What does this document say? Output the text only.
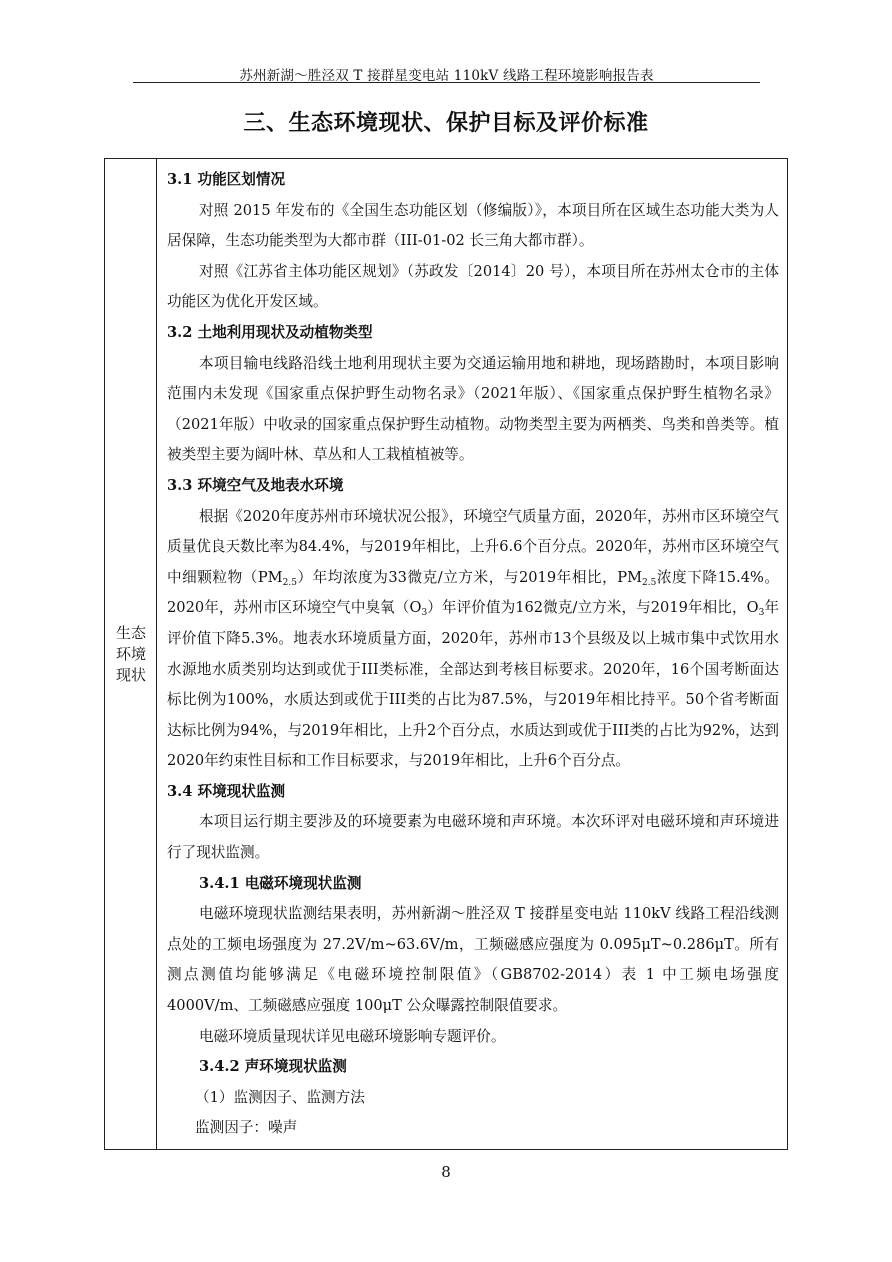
苏州新湖～胜泾双 T 接群星变电站 110kV 线路工程环境影响报告表
三、生态环境现状、保护目标及评价标准
生态
环境
现状

3.1 功能区划情况

对照 2015 年发布的《全国生态功能区划（修编版）》，本项目所在区域生态功能大类为人居保障，生态功能类型为大都市群（III-01-02 长三角大都市群）。

对照《江苏省主体功能区规划》（苏政发〔2014〕20 号），本项目所在苏州太仓市的主体功能区为优化开发区域。

3.2 土地利用现状及动植物类型

本项目输电线路沿线土地利用现状主要为交通运输用地和耕地，现场踏勘时，本项目影响范围内未发现《国家重点保护野生动物名录》（2021年版）、《国家重点保护野生植物名录》（2021年版）中收录的国家重点保护野生动植物。动物类型主要为两栖类、鸟类和兽类等。植被类型主要为阔叶林、草丛和人工栽植植被等。

3.3 环境空气及地表水环境

根据《2020年度苏州市环境状况公报》，环境空气质量方面，2020年，苏州市区环境空气质量优良天数比率为84.4%，与2019年相比，上升6.6个百分点。2020年，苏州市区环境空气中细颗粒物$(PM_{2.5})$年均浓度为33微克/立方米，与2019年相比，$PM_{2.5}$浓度下降15.4%。2020年，苏州市区环境空气中臭氧$(O_3)$年评价值为162微克/立方米，与2019年相比，$O_3$年评价值下降5.3%。地表水环境质量方面，2020年，苏州市13个县级及以上城市集中式饮用水水源地水质类别均达到或优于III类标准，全部达到考核目标要求。2020年，16个国考断面达标比例为100%，水质达到或优于III类的占比为87.5%，与2019年相比持平。50个省考断面达标比例为94%，与2019年相比，上升2个百分点，水质达到或优于III类的占比为92%，达到2020年约束性目标和工作目标要求，与2019年相比，上升6个百分点。

3.4 环境现状监测

本项目运行期主要涉及的环境要素为电磁环境和声环境。本次环评对电磁环境和声环境进行了现状监测。

3.4.1 电磁环境现状监测

电磁环境现状监测结果表明，苏州新湖～胜泾双 T 接群星变电站 110kV 线路工程沿线测点处的工频电场强度为 27.2V/m~63.6V/m，工频磁感应强度为 0.095μT~0.286μT。所有测点测值均能够满足《电磁环境控制限值》（GB8702-2014）表 1 中工频电场强度 4000V/m、工频磁感应强度 100μT 公众曝露控制限值要求。

电磁环境质量现状详见电磁环境影响专题评价。

3.4.2 声环境现状监测

（1）监测因子、监测方法

监测因子：噪声

8
